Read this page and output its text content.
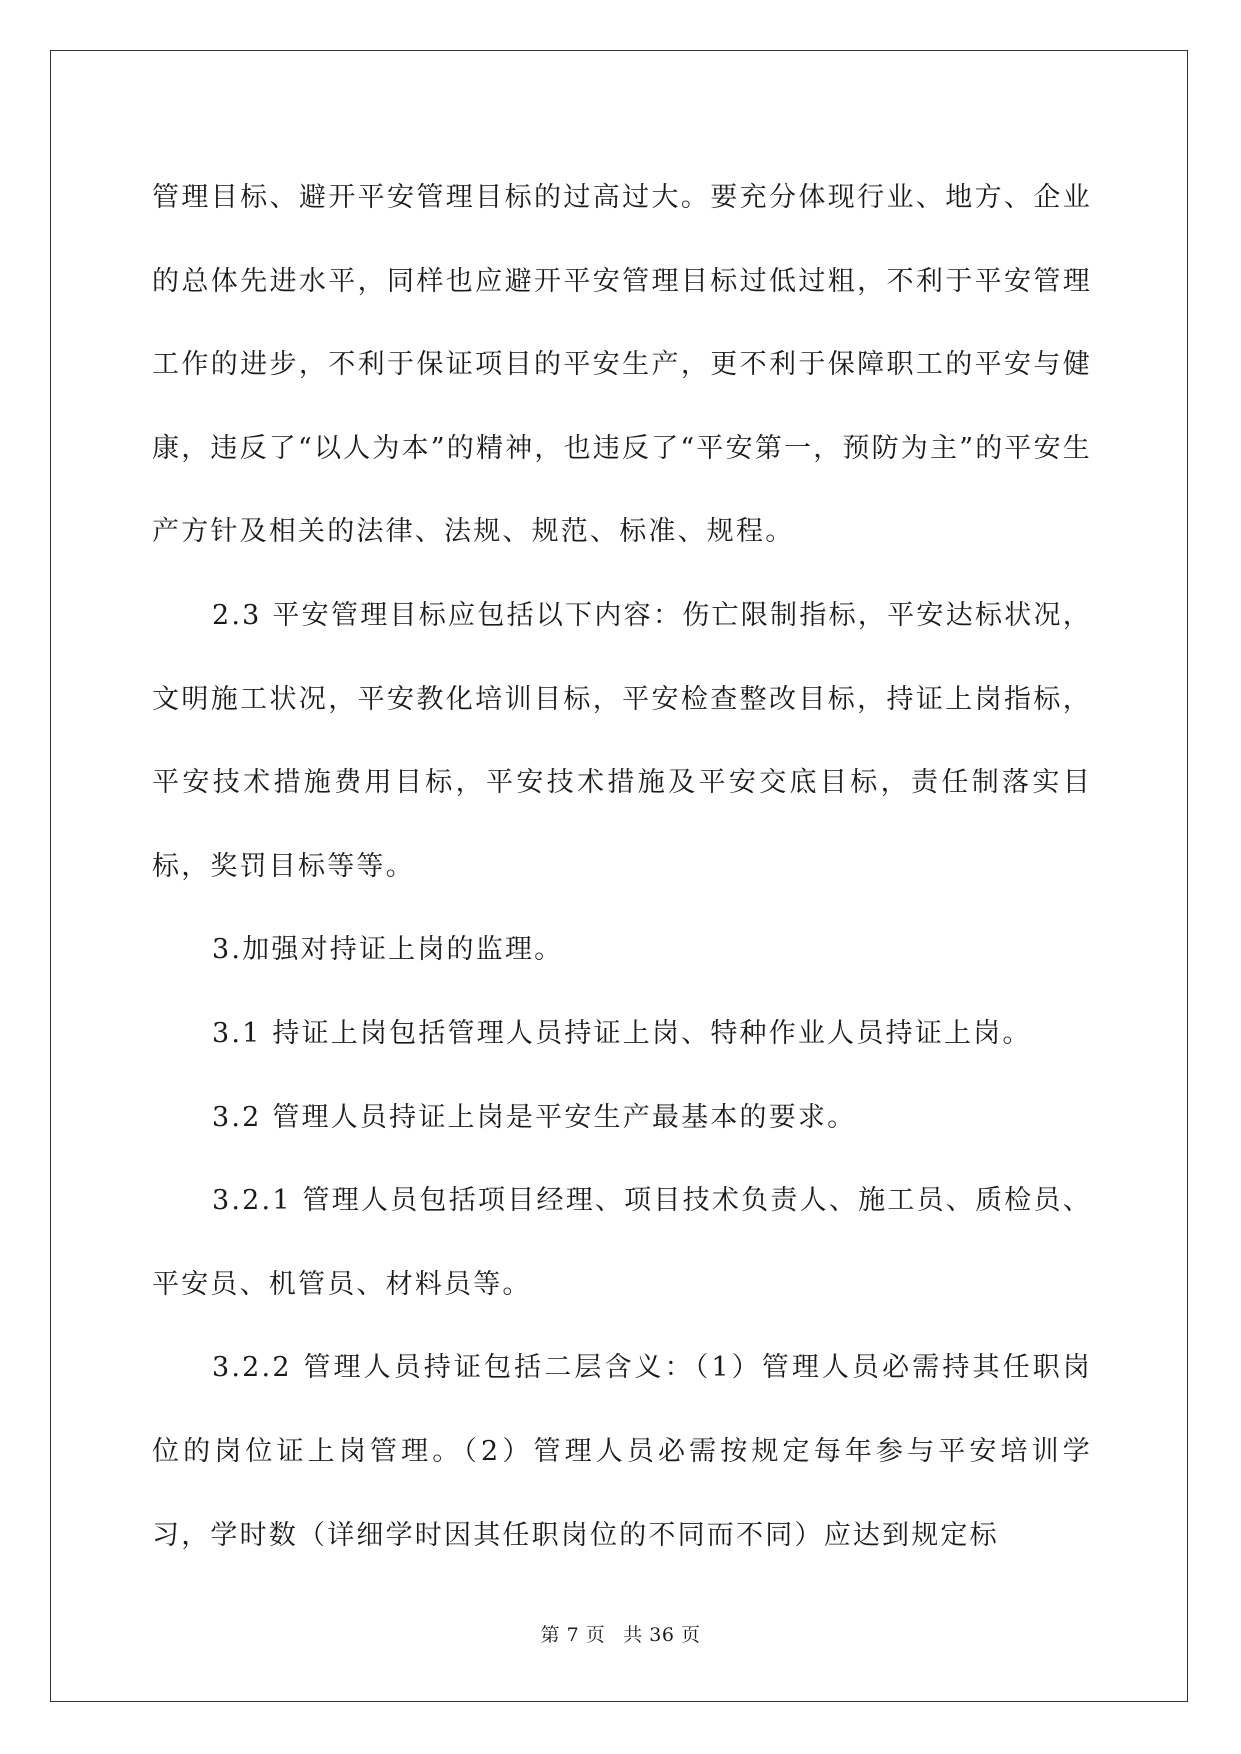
管理目标、避开平安管理目标的过高过大。要充分体现行业、地方、企业的总体先进水平，同样也应避开平安管理目标过低过粗，不利于平安管理工作的进步，不利于保证项目的平安生产，更不利于保障职工的平安与健康，违反了“以人为本”的精神，也违反了“平安第一，预防为主”的平安生产方针及相关的法律、法规、规范、标准、规程。

2.3 平安管理目标应包括以下内容：伤亡限制指标，平安达标状况，文明施工状况，平安教化培训目标，平安检查整改目标，持证上岗指标，平安技术措施费用目标，平安技术措施及平安交底目标，责任制落实目标，奖罚目标等等。

3.加强对持证上岗的监理。

3.1 持证上岗包括管理人员持证上岗、特种作业人员持证上岗。

3.2 管理人员持证上岗是平安生产最基本的要求。

3.2.1 管理人员包括项目经理、项目技术负责人、施工员、质检员、平安员、机管员、材料员等。

3.2.2 管理人员持证包括二层含义：（1）管理人员必需持其任职岗位的岗位证上岗管理。（2）管理人员必需按规定每年参与平安培训学习，学时数（详细学时因其任职岗位的不同而不同）应达到规定标

第 7 页 共 36 页
